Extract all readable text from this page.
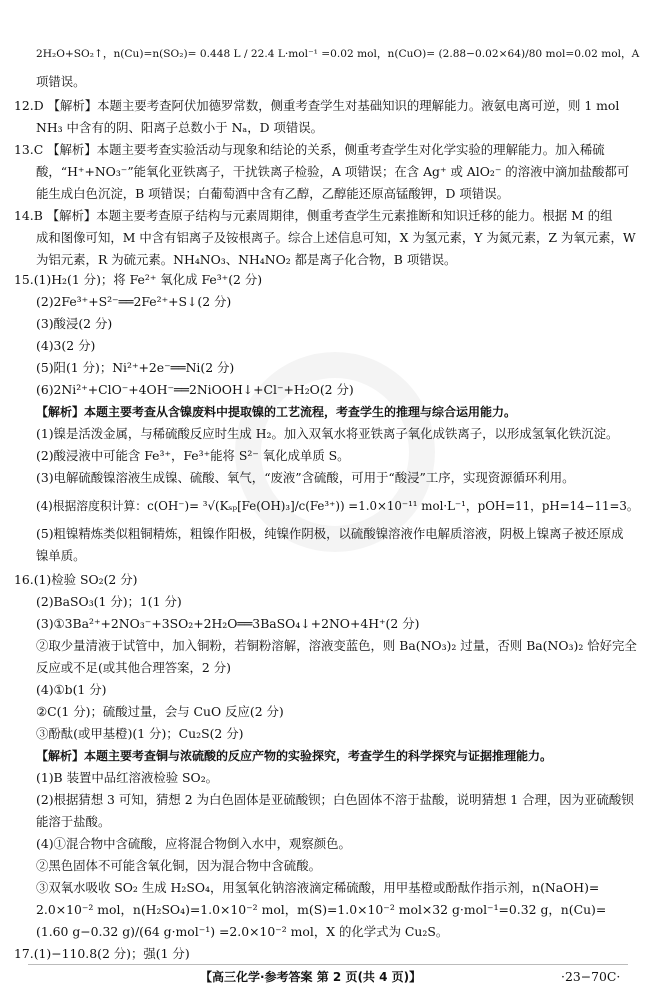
2H₂O+SO₂↑，n(Cu)=n(SO₂)= 0.448 L / 22.4 L·mol⁻¹ =0.02 mol，n(CuO)= (2.88−0.02×64)/80 mol=0.02 mol，A
项错误。
12.D 【解析】本题主要考查阿伏加德罗常数，侧重考查学生对基础知识的理解能力。液氨电离可逆，则 1 mol
NH₃ 中含有的阴、阳离子总数小于 Nₐ，D 项错误。
13.C 【解析】本题主要考查实验活动与现象和结论的关系，侧重考查学生对化学实验的理解能力。加入稀硫
酸，“H⁺+NO₃⁻”能氧化亚铁离子，干扰铁离子检验，A 项错误；在含 Ag⁺ 或 AlO₂⁻ 的溶液中滴加盐酸都可
能生成白色沉淀，B 项错误；白葡萄酒中含有乙醇，乙醇能还原高锰酸钾，D 项错误。
14.B 【解析】本题主要考查原子结构与元素周期律，侧重考查学生元素推断和知识迁移的能力。根据 M 的组
成和图像可知，M 中含有铝离子及铵根离子。综合上述信息可知，X 为氢元素，Y 为氮元素，Z 为氧元素，W
为铝元素，R 为硫元素。NH₄NO₃、NH₄NO₂ 都是离子化合物，B 项错误。
15.(1)H₂(1 分)；将 Fe²⁺ 氧化成 Fe³⁺(2 分)
(2)2Fe³⁺+S²⁻══2Fe²⁺+S↓(2 分)
(3)酸浸(2 分)
(4)3(2 分)
(5)阳(1 分)；Ni²⁺+2e⁻══Ni(2 分)
(6)2Ni²⁺+ClO⁻+4OH⁻══2NiOOH↓+Cl⁻+H₂O(2 分)
【解析】本题主要考查从含镍废料中提取镍的工艺流程，考查学生的推理与综合运用能力。
(1)镍是活泼金属，与稀硫酸反应时生成 H₂。加入双氧水将亚铁离子氧化成铁离子，以形成氢氧化铁沉淀。
(2)酸浸液中可能含 Fe³⁺，Fe³⁺能将 S²⁻ 氧化成单质 S。
(3)电解硫酸镍溶液生成镍、硫酸、氧气，“废液”含硫酸，可用于“酸浸”工序，实现资源循环利用。
(4)根据溶度积计算：c(OH⁻)= ³√(Kₛₚ[Fe(OH)₃]/c(Fe³⁺)) =1.0×10⁻¹¹ mol·L⁻¹，pOH=11，pH=14−11=3。
(5)粗镍精炼类似粗铜精炼，粗镍作阳极，纯镍作阴极，以硫酸镍溶液作电解质溶液，阴极上镍离子被还原成
镍单质。
16.(1)检验 SO₂(2 分)
(2)BaSO₃(1 分)；1(1 分)
(3)①3Ba²⁺+2NO₃⁻+3SO₂+2H₂O══3BaSO₄↓+2NO+4H⁺(2 分)
②取少量清液于试管中，加入铜粉，若铜粉溶解，溶液变蓝色，则 Ba(NO₃)₂ 过量，否则 Ba(NO₃)₂ 恰好完全
反应或不足(或其他合理答案，2 分)
(4)①b(1 分)
②C(1 分)；硫酸过量，会与 CuO 反应(2 分)
③酚酞(或甲基橙)(1 分)；Cu₂S(2 分)
【解析】本题主要考查铜与浓硫酸的反应产物的实验探究，考查学生的科学探究与证据推理能力。
(1)B 装置中品红溶液检验 SO₂。
(2)根据猜想 3 可知，猜想 2 为白色固体是亚硫酸钡；白色固体不溶于盐酸，说明猜想 1 合理，因为亚硫酸钡
能溶于盐酸。
(4)①混合物中含硫酸，应将混合物倒入水中，观察颜色。
②黑色固体不可能含氧化铜，因为混合物中含硫酸。
③双氧水吸收 SO₂ 生成 H₂SO₄，用氢氧化钠溶液滴定稀硫酸，用甲基橙或酚酞作指示剂，n(NaOH)=
2.0×10⁻² mol，n(H₂SO₄)=1.0×10⁻² mol，m(S)=1.0×10⁻² mol×32 g·mol⁻¹=0.32 g，n(Cu)=
(1.60 g−0.32 g)/(64 g·mol⁻¹) =2.0×10⁻² mol，X 的化学式为 Cu₂S。
17.(1)−110.8(2 分)；强(1 分)
【高三化学·参考答案 第 2 页(共 4 页)】	·23−70C·
